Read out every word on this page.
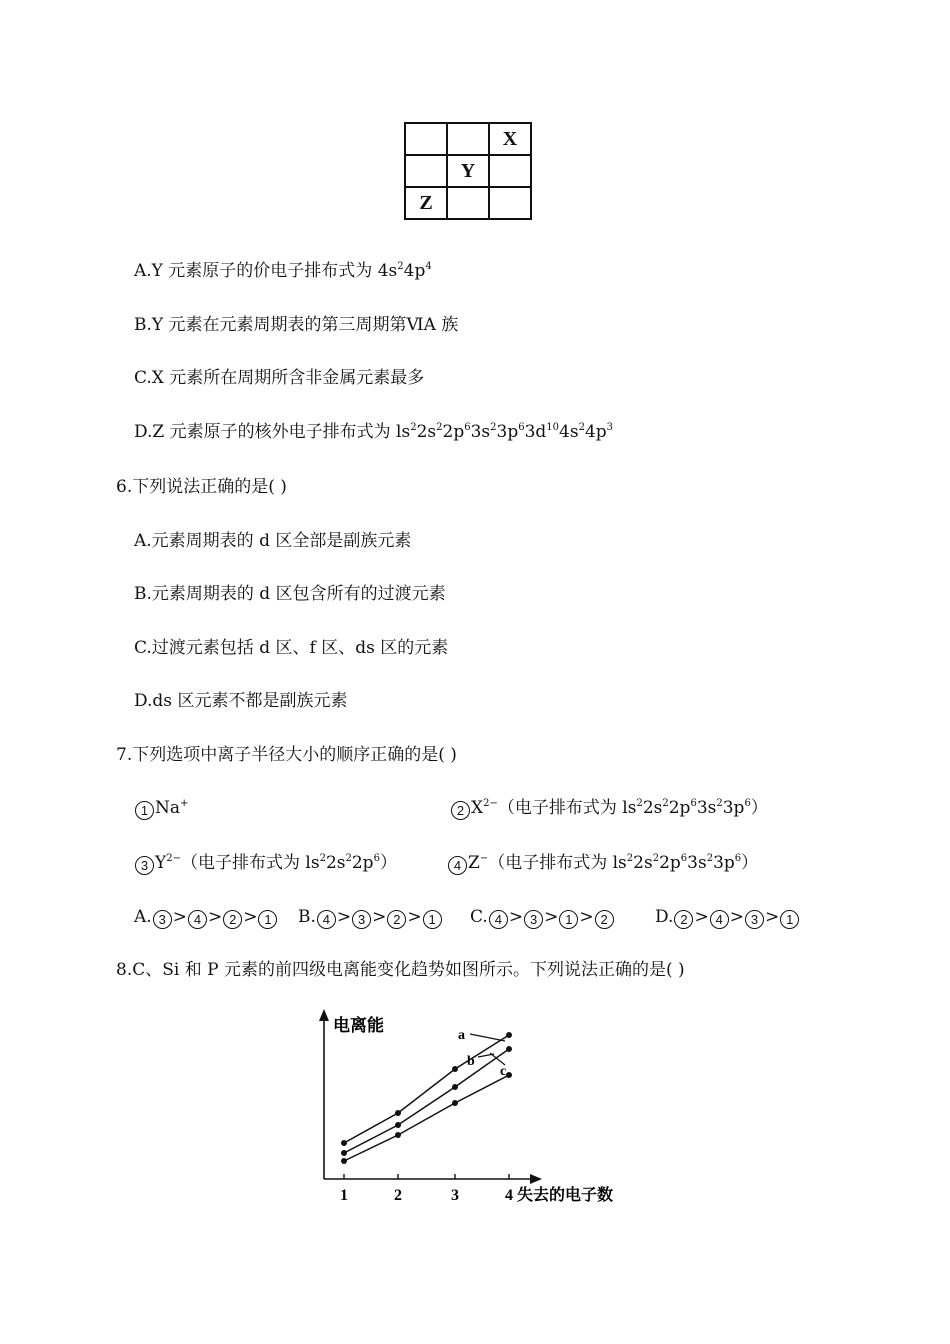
		X
	Y	
Z		
A.Y 元素原子的价电子排布式为 $4s^24p^4$
B.Y 元素在元素周期表的第三周期第ⅥA 族
C.X 元素所在周期所含非金属元素最多
D.Z 元素原子的核外电子排布式为 $ls^22s^22p^63s^23p^63d^{10}4s^24p^3$
6.下列说法正确的是( )
A.元素周期表的 d 区全部是副族元素
B.元素周期表的 d 区包含所有的过渡元素
C.过渡元素包括 d 区、f 区、ds 区的元素
D.ds 区元素不都是副族元素
7.下列选项中离子半径大小的顺序正确的是( )
1 Na+	2 $X^{2-}$（电子排布式为 $ls^22s^22p^63s^23p^6$）
3 $Y^{2-}$（电子排布式为 $ls^22s^22p^6$）	4 Z−（电子排布式为 $ls^22s^22p^63s^23p^6$）
A. 3 > 4 > 2 > 1	B. 4 > 3 > 2 > 1	C. 4 > 3 > 1 > 2	D. 2 > 4 > 3 > 1
8.C、Si 和 P 元素的前四级电离能变化趋势如图所示。下列说法正确的是( )
电离能
失去的电子数
1	2	3	4
a
b
c
